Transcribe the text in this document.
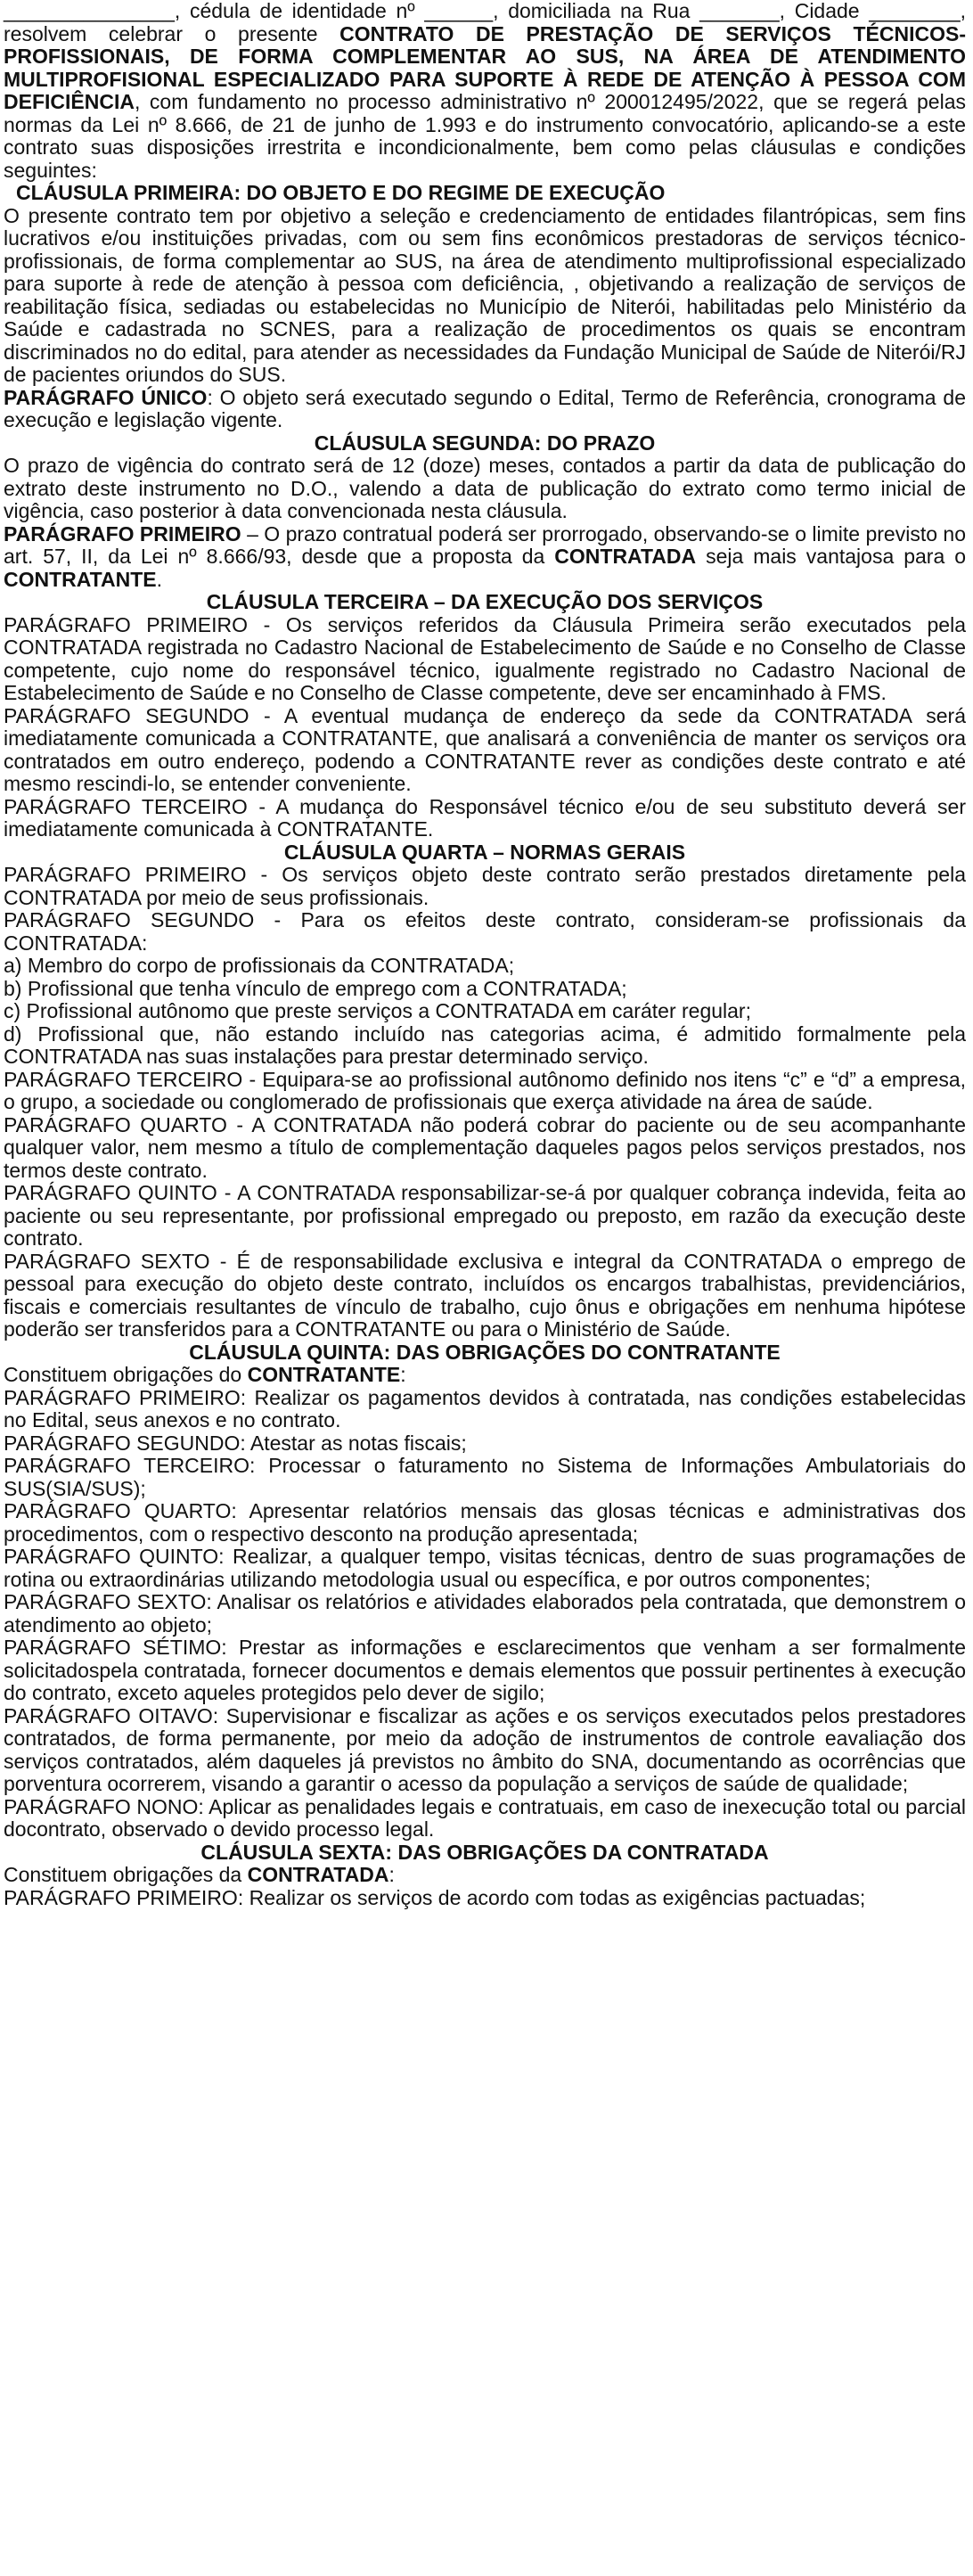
_______________, cédula de identidade nº ______, domiciliada na Rua _______, Cidade ________, resolvem celebrar o presente CONTRATO DE PRESTAÇÃO DE SERVIÇOS TÉCNICOS-PROFISSIONAIS, DE FORMA COMPLEMENTAR AO SUS, NA ÁREA DE ATENDIMENTO MULTIPROFISIONAL ESPECIALIZADO PARA SUPORTE À REDE DE ATENÇÃO À PESSOA COM DEFICIÊNCIA, com fundamento no processo administrativo nº 200012495/2022, que se regerá pelas normas da Lei nº 8.666, de 21 de junho de 1.993 e do instrumento convocatório, aplicando-se a este contrato suas disposições irrestrita e incondicionalmente, bem como pelas cláusulas e condições seguintes:

CLÁUSULA PRIMEIRA: DO OBJETO E DO REGIME DE EXECUÇÃO

O presente contrato tem por objetivo a seleção e credenciamento de entidades filantrópicas, sem fins lucrativos e/ou instituições privadas, com ou sem fins econômicos prestadoras de serviços técnico-profissionais, de forma complementar ao SUS, na área de atendimento multiprofissional especializado para suporte à rede de atenção à pessoa com deficiência, , objetivando a realização de serviços de reabilitação física, sediadas ou estabelecidas no Município de Niterói, habilitadas pelo Ministério da Saúde e cadastrada no SCNES, para a realização de procedimentos os quais se encontram discriminados no do edital, para atender as necessidades da Fundação Municipal de Saúde de Niterói/RJ de pacientes oriundos do SUS.

PARÁGRAFO ÚNICO: O objeto será executado segundo o Edital, Termo de Referência, cronograma de execução e legislação vigente.

CLÁUSULA SEGUNDA: DO PRAZO

O prazo de vigência do contrato será de 12 (doze) meses, contados a partir da data de publicação do extrato deste instrumento no D.O., valendo a data de publicação do extrato como termo inicial de vigência, caso posterior à data convencionada nesta cláusula.

PARÁGRAFO PRIMEIRO – O prazo contratual poderá ser prorrogado, observando-se o limite previsto no art. 57, II, da Lei nº 8.666/93, desde que a proposta da CONTRATADA seja mais vantajosa para o CONTRATANTE.

CLÁUSULA TERCEIRA – DA EXECUÇÃO DOS SERVIÇOS

PARÁGRAFO PRIMEIRO - Os serviços referidos da Cláusula Primeira serão executados pela CONTRATADA registrada no Cadastro Nacional de Estabelecimento de Saúde e no Conselho de Classe competente, cujo nome do responsável técnico, igualmente registrado no Cadastro Nacional de Estabelecimento de Saúde e no Conselho de Classe competente, deve ser encaminhado à FMS.

PARÁGRAFO SEGUNDO - A eventual mudança de endereço da sede da CONTRATADA será imediatamente comunicada a CONTRATANTE, que analisará a conveniência de manter os serviços ora contratados em outro endereço, podendo a CONTRATANTE rever as condições deste contrato e até mesmo rescindi-lo, se entender conveniente.

PARÁGRAFO TERCEIRO - A mudança do Responsável técnico e/ou de seu substituto deverá ser imediatamente comunicada à CONTRATANTE.

CLÁUSULA QUARTA – NORMAS GERAIS

PARÁGRAFO PRIMEIRO - Os serviços objeto deste contrato serão prestados diretamente pela CONTRATADA por meio de seus profissionais.

PARÁGRAFO SEGUNDO - Para os efeitos deste contrato, consideram-se profissionais da CONTRATADA:

a) Membro do corpo de profissionais da CONTRATADA;

b) Profissional que tenha vínculo de emprego com a CONTRATADA;

c) Profissional autônomo que preste serviços a CONTRATADA em caráter regular;

d) Profissional que, não estando incluído nas categorias acima, é admitido formalmente pela CONTRATADA nas suas instalações para prestar determinado serviço.

PARÁGRAFO TERCEIRO - Equipara-se ao profissional autônomo definido nos itens “c” e “d” a empresa, o grupo, a sociedade ou conglomerado de profissionais que exerça atividade na área de saúde.

PARÁGRAFO QUARTO - A CONTRATADA não poderá cobrar do paciente ou de seu acompanhante qualquer valor, nem mesmo a título de complementação daqueles pagos pelos serviços prestados, nos termos deste contrato.

PARÁGRAFO QUINTO - A CONTRATADA responsabilizar-se-á por qualquer cobrança indevida, feita ao paciente ou seu representante, por profissional empregado ou preposto, em razão da execução deste contrato.

PARÁGRAFO SEXTO - É de responsabilidade exclusiva e integral da CONTRATADA o emprego de pessoal para execução do objeto deste contrato, incluídos os encargos trabalhistas, previdenciários, fiscais e comerciais resultantes de vínculo de trabalho, cujo ônus e obrigações em nenhuma hipótese poderão ser transferidos para a CONTRATANTE ou para o Ministério de Saúde.

CLÁUSULA QUINTA: DAS OBRIGAÇÕES DO CONTRATANTE

Constituem obrigações do CONTRATANTE:

PARÁGRAFO PRIMEIRO: Realizar os pagamentos devidos à contratada, nas condições estabelecidas no Edital, seus anexos e no contrato.

PARÁGRAFO SEGUNDO: Atestar as notas fiscais;

PARÁGRAFO TERCEIRO: Processar o faturamento no Sistema de Informações Ambulatoriais do SUS(SIA/SUS);

PARÁGRAFO QUARTO: Apresentar relatórios mensais das glosas técnicas e administrativas dos procedimentos, com o respectivo desconto na produção apresentada;

PARÁGRAFO QUINTO: Realizar, a qualquer tempo, visitas técnicas, dentro de suas programações de rotina ou extraordinárias utilizando metodologia usual ou específica, e por outros componentes;

PARÁGRAFO SEXTO: Analisar os relatórios e atividades elaborados pela contratada, que demonstrem o atendimento ao objeto;

PARÁGRAFO SÉTIMO: Prestar as informações e esclarecimentos que venham a ser formalmente solicitadospela contratada, fornecer documentos e demais elementos que possuir pertinentes à execução do contrato, exceto aqueles protegidos pelo dever de sigilo;

PARÁGRAFO OITAVO: Supervisionar e fiscalizar as ações e os serviços executados pelos prestadores contratados, de forma permanente, por meio da adoção de instrumentos de controle eavaliação dos serviços contratados, além daqueles já previstos no âmbito do SNA, documentando as ocorrências que porventura ocorrerem, visando a garantir o acesso da população a serviços de saúde de qualidade;

PARÁGRAFO NONO: Aplicar as penalidades legais e contratuais, em caso de inexecução total ou parcial docontrato, observado o devido processo legal.

CLÁUSULA SEXTA: DAS OBRIGAÇÕES DA CONTRATADA

Constituem obrigações da CONTRATADA:

PARÁGRAFO PRIMEIRO: Realizar os serviços de acordo com todas as exigências pactuadas;
